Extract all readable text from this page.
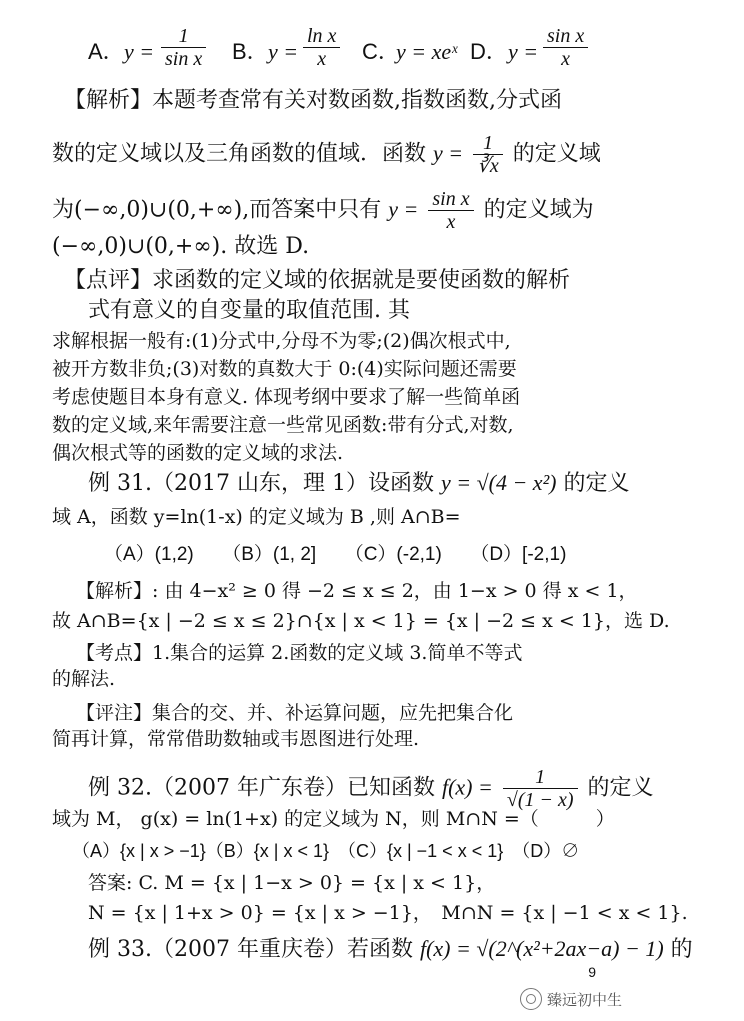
A． $y = \frac{1}{\text{sin x}}$ B． $y = \frac{\text{ln x}}{x}$ C．
y = xeˣ D． $y = \frac{\text{sin x}}{x}$
【解析】本题考查常有关对数函数,指数函数,分式函
数的定义域以及三角函数的值域．函数 $y = \frac{1}{∛x}$ 的定义域
为(−∞,0)∪(0,+∞),而答案中只有 $y = \frac{\text{sin x}}{x}$ 的定义域为
(−∞,0)∪(0,+∞). 故选 D.
【点评】求函数的定义域的依据就是要使函数的解析
式有意义的自变量的取值范围. 其
求解根据一般有:(1)分式中,分母不为零;(2)偶次根式中,
被开方数非负;(3)对数的真数大于 0:(4)实际问题还需要
考虑使题目本身有意义. 体现考纲中要求了解一些简单函
数的定义域,来年需要注意一些常见函数:带有分式,对数,
偶次根式等的函数的定义域的求法.
例 31.（2017 山东，理 1）设函数 y = √(4 − x²) 的定义
域 A，函数 y=ln(1-x) 的定义域为 B ,则 A∩B=
（A）(1,2)　　（B）(1, 2]　　（C）(-2,1)　　（D）[-2,1)
【解析】: 由 4−x² ≥ 0 得 −2 ≤ x ≤ 2，由 1−x > 0 得 x < 1，
故 A∩B={x | −2 ≤ x ≤ 2}∩{x | x < 1} = {x | −2 ≤ x < 1}，选 D.
【考点】1.集合的运算 2.函数的定义域 3.简单不等式
的解法.
【评注】集合的交、并、补运算问题，应先把集合化
简再计算，常常借助数轴或韦恩图进行处理.
例 32.（2007 年广东卷）已知函数 $f(x) = \frac{1}{√(1 - x)}$ 的定义
域为 M， g(x) = ln(1+x) 的定义域为 N，则 M∩N =（　　　）
（A）{x | x > −1}（B）{x | x < 1}　（C）{x | −1 < x < 1}　（D）∅
答案: C. M = {x | 1−x > 0} = {x | x < 1}，
N = {x | 1+x > 0} = {x | x > −1}，　M∩N = {x | −1 < x < 1}.
例 33.（2007 年重庆卷）若函数 f(x) = √(2^(x²+2ax−a) − 1) 的
9
臻远初中生
